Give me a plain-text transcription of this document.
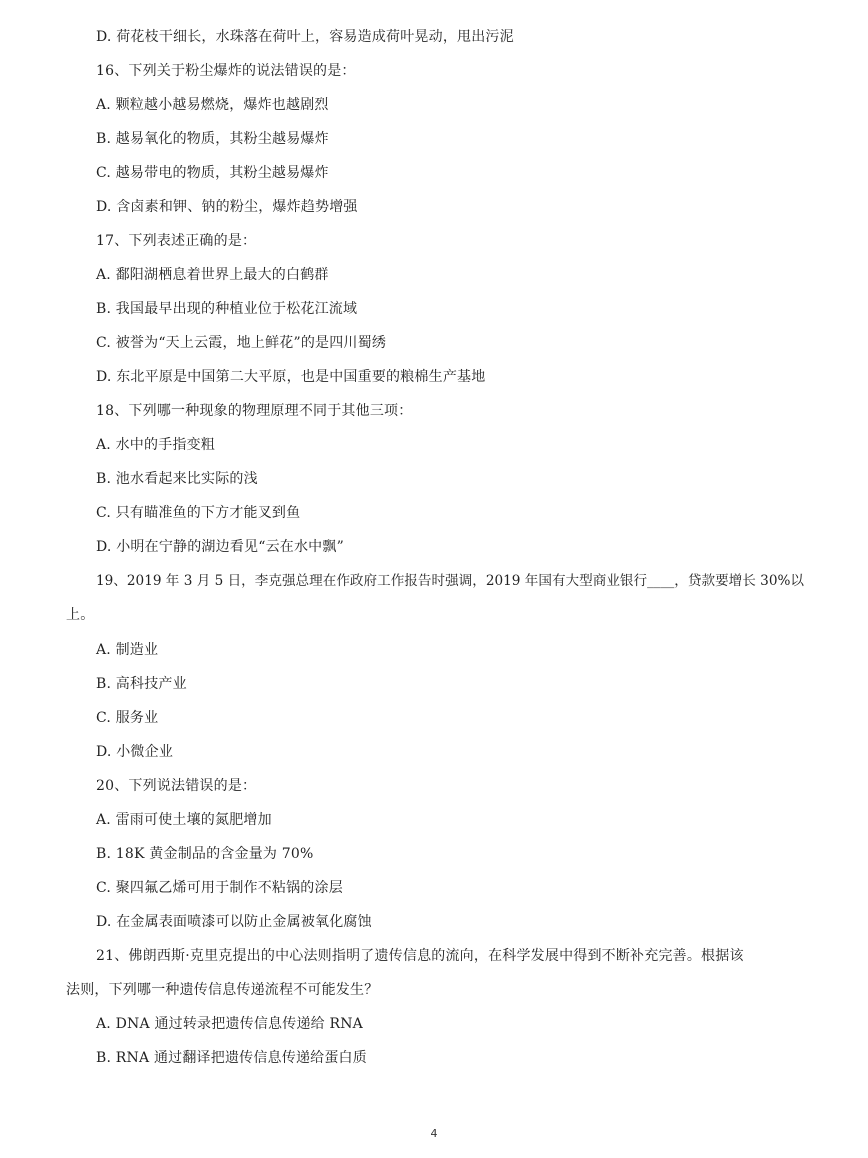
D. 荷花枝干细长，水珠落在荷叶上，容易造成荷叶晃动，甩出污泥
16、下列关于粉尘爆炸的说法错误的是：
A. 颗粒越小越易燃烧，爆炸也越剧烈
B. 越易氧化的物质，其粉尘越易爆炸
C. 越易带电的物质，其粉尘越易爆炸
D. 含卤素和钾、钠的粉尘，爆炸趋势增强
17、下列表述正确的是：
A. 鄱阳湖栖息着世界上最大的白鹤群
B. 我国最早出现的种植业位于松花江流域
C. 被誉为“天上云霞，地上鲜花”的是四川蜀绣
D. 东北平原是中国第二大平原，也是中国重要的粮棉生产基地
18、下列哪一种现象的物理原理不同于其他三项：
A. 水中的手指变粗
B. 池水看起来比实际的浅
C. 只有瞄准鱼的下方才能叉到鱼
D. 小明在宁静的湖边看见“云在水中飘”
19、2019 年 3 月 5 日，李克强总理在作政府工作报告时强调，2019 年国有大型商业银行____，贷款要增长 30%以
上。
A. 制造业
B. 高科技产业
C. 服务业
D. 小微企业
20、下列说法错误的是：
A. 雷雨可使土壤的氮肥增加
B. 18K 黄金制品的含金量为 70%
C. 聚四氟乙烯可用于制作不粘锅的涂层
D. 在金属表面喷漆可以防止金属被氧化腐蚀
21、佛朗西斯·克里克提出的中心法则指明了遗传信息的流向，在科学发展中得到不断补充完善。根据该
法则，下列哪一种遗传信息传递流程不可能发生？
A. DNA 通过转录把遗传信息传递给 RNA
B. RNA 通过翻译把遗传信息传递给蛋白质
4
